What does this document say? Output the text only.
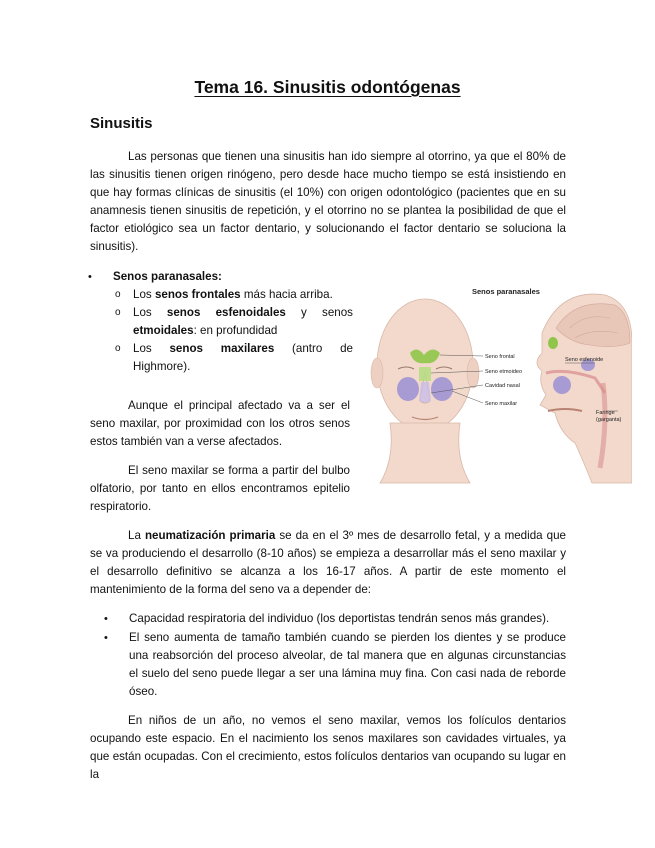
Tema 16. Sinusitis odontógenas
Sinusitis

Las personas que tienen una sinusitis han ido siempre al otorrino, ya que el 80% de las sinusitis tienen origen rinógeno, pero desde hace mucho tiempo se está insistiendo en que hay formas clínicas de sinusitis (el 10%) con origen odontológico (pacientes que en su anamnesis tienen sinusitis de repetición, y el otorrino no se plantea la posibilidad de que el factor etiológico sea un factor dentario, y solucionando el factor dentario se soluciona la sinusitis).

• Senos paranasales:
o Los senos frontales más hacia arriba.
o Los senos esfenoidales y senos etmoidales: en profundidad
o Los senos maxilares (antro de Highmore).

Aunque el principal afectado va a ser el seno maxilar, por proximidad con los otros senos estos también van a verse afectados.

El seno maxilar se forma a partir del bulbo olfatorio, por tanto en ellos encontramos epitelio respiratorio.

Senos paranasales
Seno frontal
Seno etmoideo
Cavidad nasal
Seno maxilar
Seno esfenoide
Faringe
(garganta)

La neumatización primaria se da en el 3º mes de desarrollo fetal, y a medida que se va produciendo el desarrollo (8-10 años) se empieza a desarrollar más el seno maxilar y el desarrollo definitivo se alcanza a los 16-17 años. A partir de este momento el mantenimiento de la forma del seno va a depender de:

• Capacidad respiratoria del individuo (los deportistas tendrán senos más grandes).
• El seno aumenta de tamaño también cuando se pierden los dientes y se produce una reabsorción del proceso alveolar, de tal manera que en algunas circunstancias el suelo del seno puede llegar a ser una lámina muy fina. Con casi nada de reborde óseo.

En niños de un año, no vemos el seno maxilar, vemos los folículos dentarios ocupando este espacio. En el nacimiento los senos maxilares son cavidades virtuales, ya que están ocupadas. Con el crecimiento, estos folículos dentarios van ocupando su lugar en la
